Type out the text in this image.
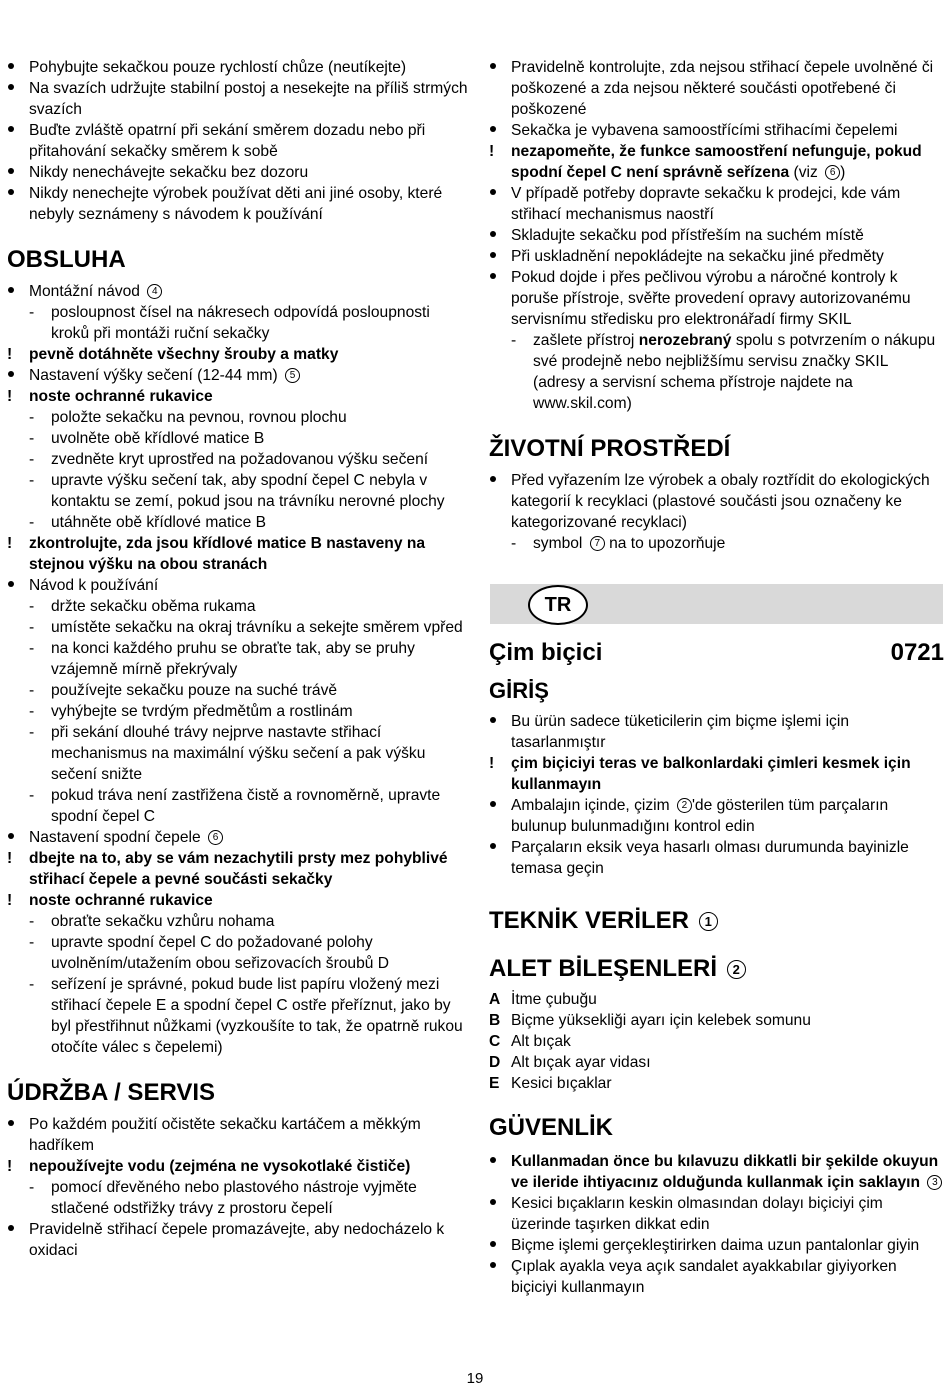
Pohybujte sekačkou pouze rychlostí chůze (neutíkejte)
Na svazích udržujte stabilní postoj a nesekejte na příliš strmých svazích
Buďte zvláště opatrní při sekání směrem dozadu nebo při přitahování sekačky směrem k sobě
Nikdy nenechávejte sekačku bez dozoru
Nikdy nenechejte výrobek používat děti ani jiné osoby, které nebyly seznámeny s návodem k používání
OBSLUHA
Montážní návod 4
-	posloupnost čísel na nákresech odpovídá posloupnosti kroků při montáži ruční sekačky
!	pevně dotáhněte všechny šrouby a matky
Nastavení výšky sečení (12-44 mm) 5
!	noste ochranné rukavice
-	položte sekačku na pevnou, rovnou plochu
-	uvolněte obě křídlové matice B
-	zvedněte kryt uprostřed na požadovanou výšku sečení
-	upravte výšku sečení tak, aby spodní čepel C nebyla v kontaktu se zemí, pokud jsou na trávníku nerovné plochy
-	utáhněte obě křídlové matice B
!	zkontrolujte, zda jsou křídlové matice B nastaveny na stejnou výšku na obou stranách
Návod k používání
-	držte sekačku oběma rukama
-	umístěte sekačku na okraj trávníku a sekejte směrem vpřed
-	na konci každého pruhu se obraťte tak, aby se pruhy vzájemně mírně překrývaly
-	používejte sekačku pouze na suché trávě
-	vyhýbejte se tvrdým předmětům a rostlinám
-	při sekání dlouhé trávy nejprve nastavte střihací mechanismus na maximální výšku sečení a pak výšku sečení snižte
-	pokud tráva není zastřižena čistě a rovnoměrně, upravte spodní čepel C
Nastavení spodní čepele 6
!	dbejte na to, aby se vám nezachytili prsty mez pohyblivé střihací čepele a pevné součásti sekačky
!	noste ochranné rukavice
-	obraťte sekačku vzhůru nohama
-	upravte spodní čepel C do požadované polohy uvolněním/utažením obou seřizovacích šroubů D
-	seřízení je správné, pokud bude list papíru vložený mezi střihací čepele E a spodní čepel C ostře přeříznut, jako by byl přestřihnut nůžkami (vyzkoušíte to tak, že opatrně rukou otočíte válec s čepelemi)
ÚDRŽBA / SERVIS
Po každém použití očistěte sekačku kartáčem a měkkým hadříkem
!	nepoužívejte vodu (zejména ne vysokotlaké čističe)
-	pomocí dřevěného nebo plastového nástroje vyjměte stlačené odstřižky trávy z prostoru čepelí
Pravidelně střihací čepele promazávejte, aby nedocházelo k oxidaci
Pravidelně kontrolujte, zda nejsou střihací čepele uvolněné či poškozené a zda nejsou některé součásti opotřebené či poškozené
Sekačka je vybavena samoostřícími střihacími čepelemi
!	nezapomeňte, že funkce samoostření nefunguje, pokud spodní čepel C není správně seřízena (viz 6 )
V případě potřeby dopravte sekačku k prodejci, kde vám střihací mechanismus naostří
Skladujte sekačku pod přístřeším na suchém místě
Při uskladnění nepokládejte na sekačku jiné předměty
Pokud dojde i přes pečlivou výrobu a náročné kontroly k poruše přístroje, svěřte provedení opravy autorizovanému servisnímu středisku pro elektronářadí firmy SKIL
-	zašlete přístroj nerozebraný spolu s potvrzením o nákupu své prodejně nebo nejbližšímu servisu značky SKIL (adresy a servisní schema přístroje najdete na www.skil.com)
ŽIVOTNÍ PROSTŘEDÍ
Před vyřazením lze výrobek a obaly roztřídit do ekologických kategorií k recyklaci (plastové součásti jsou označeny ke kategorizované recyklaci)
-	symbol 7 na to upozorňuje
TR
Çim biçici	0721
GİRİŞ
Bu ürün sadece tüketicilerin çim biçme işlemi için tasarlanmıştır
!	çim biçiciyi teras ve balkonlardaki çimleri kesmek için kullanmayın
Ambalajın içinde, çizim 2 'de gösterilen tüm parçaların bulunup bulunmadığını kontrol edin
Parçaların eksik veya hasarlı olması durumunda bayinizle temasa geçin
TEKNİK VERİLER 1
ALET BİLEŞENLERİ 2
A İtme çubuğu
B Biçme yüksekliği ayarı için kelebek somunu
C Alt bıçak
D Alt bıçak ayar vidası
E Kesici bıçaklar
GÜVENLİK
Kullanmadan önce bu kılavuzu dikkatli bir şekilde okuyun ve ileride ihtiyacınız olduğunda kullanmak için saklayın 3
Kesici bıçakların keskin olmasından dolayı biçiciyi çim üzerinde taşırken dikkat edin
Biçme işlemi gerçekleştirirken daima uzun pantalonlar giyin
Çıplak ayakla veya açık sandalet ayakkabılar giyiyorken biçiciyi kullanmayın
19
